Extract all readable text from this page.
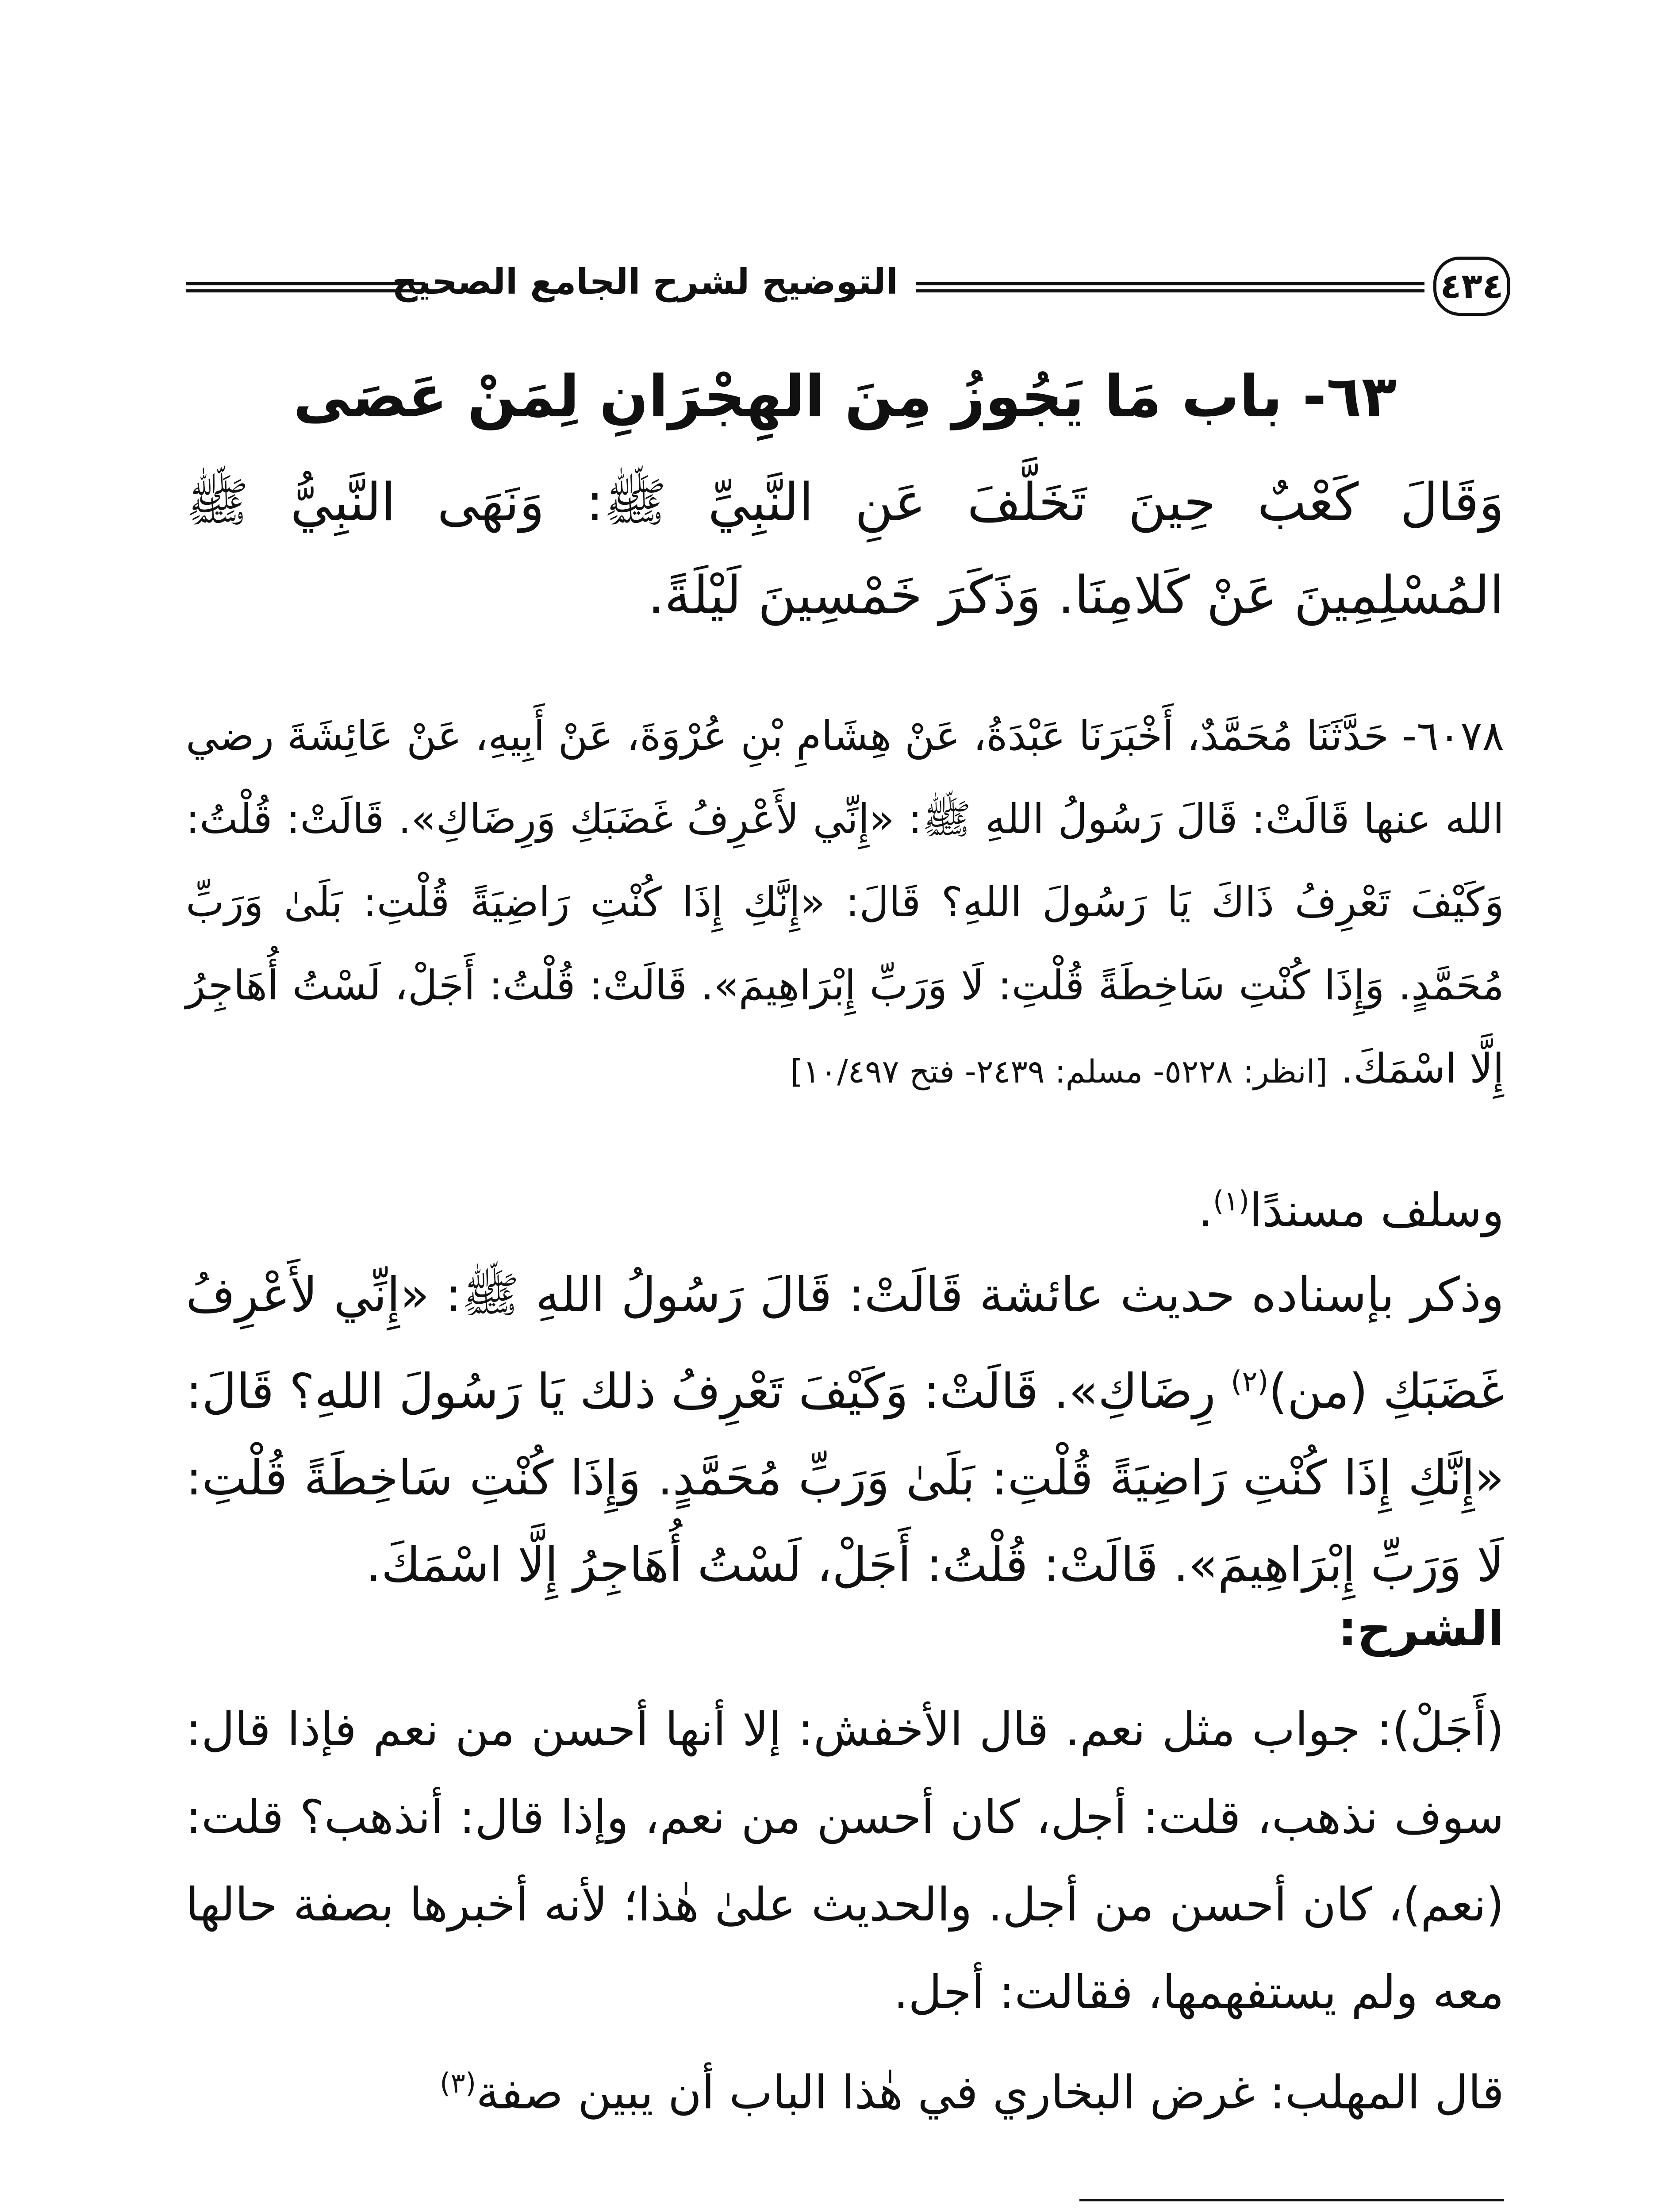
التوضيح لشرح الجامع الصحيح	٤٣٤
٦٣- باب مَا يَجُوزُ مِنَ الهِجْرَانِ لِمَنْ عَصَى
وَقَالَ كَعْبٌ حِينَ تَخَلَّفَ عَنِ النَّبِيِّ ﷺ: وَنَهَى النَّبِيُّ ﷺ المُسْلِمِينَ عَنْ كَلامِنَا. وَذَكَرَ خَمْسِينَ لَيْلَةً.
٦٠٧٨- حَدَّثَنَا مُحَمَّدٌ، أَخْبَرَنَا عَبْدَةُ، عَنْ هِشَامِ بْنِ عُرْوَةَ، عَنْ أَبِيهِ، عَنْ عَائِشَةَ رضي الله عنها قَالَتْ: قَالَ رَسُولُ اللهِ ﷺ: «إِنِّي لأَعْرِفُ غَضَبَكِ وَرِضَاكِ». قَالَتْ: قُلْتُ: وَكَيْفَ تَعْرِفُ ذَاكَ يَا رَسُولَ اللهِ؟ قَالَ: «إِنَّكِ إِذَا كُنْتِ رَاضِيَةً قُلْتِ: بَلَىٰ وَرَبِّ مُحَمَّدٍ. وَإِذَا كُنْتِ سَاخِطَةً قُلْتِ: لَا وَرَبِّ إِبْرَاهِيمَ». قَالَتْ: قُلْتُ: أَجَلْ، لَسْتُ أُهَاجِرُ إِلَّا اسْمَكَ. [انظر: ٥٢٢٨- مسلم: ٢٤٣٩- فتح ١٠/٤٩٧]
وسلف مسندًا$^{(١)}$.
وذكر بإسناده حديث عائشة قَالَتْ: قَالَ رَسُولُ اللهِ ﷺ: «إِنِّي لأَعْرِفُ غَضَبَكِ (من)$^{(٢)}$ رِضَاكِ». قَالَتْ: وَكَيْفَ تَعْرِفُ ذلك يَا رَسُولَ اللهِ؟ قَالَ: «إِنَّكِ إِذَا كُنْتِ رَاضِيَةً قُلْتِ: بَلَىٰ وَرَبِّ مُحَمَّدٍ. وَإِذَا كُنْتِ سَاخِطَةً قُلْتِ: لَا وَرَبِّ إِبْرَاهِيمَ». قَالَتْ: قُلْتُ: أَجَلْ، لَسْتُ أُهَاجِرُ إِلَّا اسْمَكَ.
الشرح:
(أَجَلْ): جواب مثل نعم. قال الأخفش: إلا أنها أحسن من نعم فإذا قال: سوف نذهب، قلت: أجل، كان أحسن من نعم، وإذا قال: أنذهب؟ قلت: (نعم)، كان أحسن من أجل. والحديث علىٰ هٰذا؛ لأنه أخبرها بصفة حالها معه ولم يستفهمها، فقالت: أجل.
قال المهلب: غرض البخاري في هٰذا الباب أن يبين صفة$^{(٣)}$
